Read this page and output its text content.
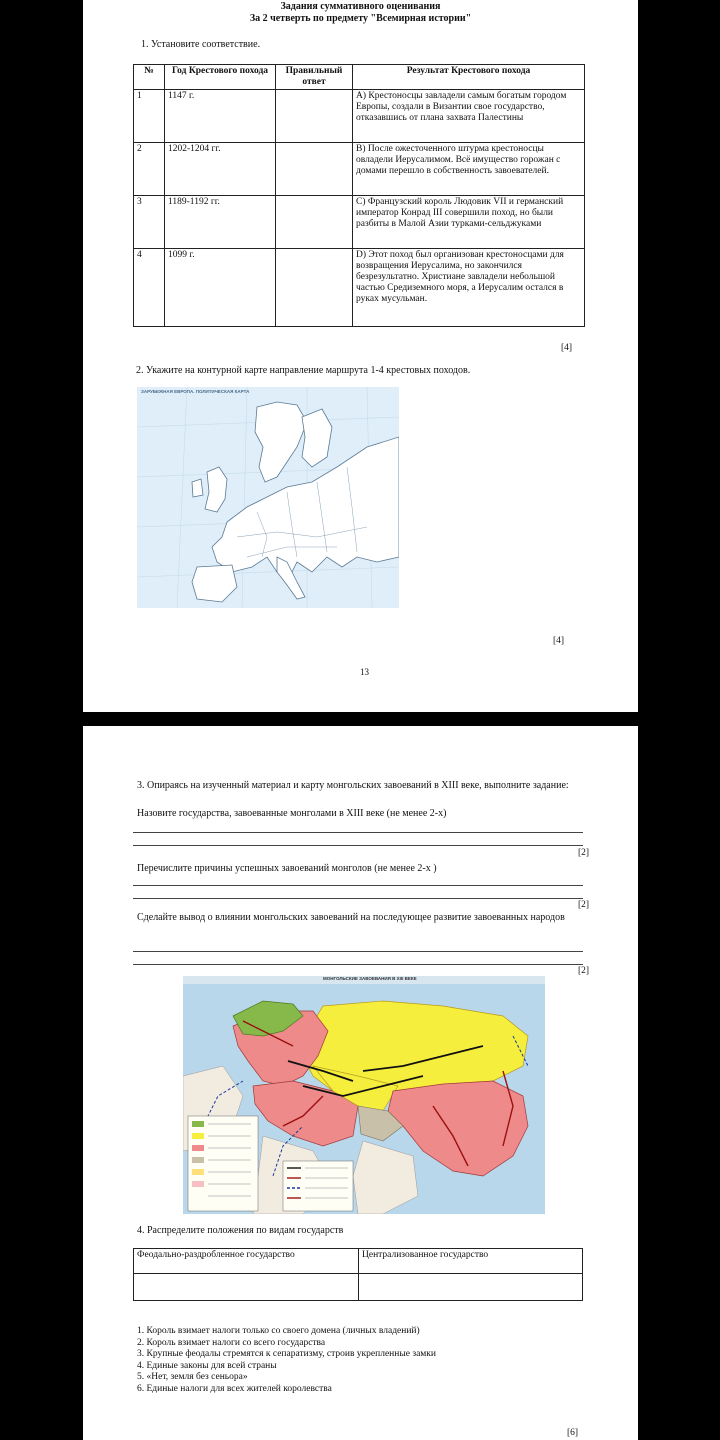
Задания суммативного оценивания
За 2 четверть по предмету "Всемирная истории"
1. Установите соответствие.
№	Год Крестового похода	Правильный ответ	Результат Крестового похода
1	1147 г.		A) Крестоносцы завладели самым богатым городом Европы, создали в Византии свое государство, отказавшись от плана захвата Палестины
2	1202-1204 гг.		B) После ожесточенного штурма крестоносцы овладели Иерусалимом. Всё имущество горожан с домами перешло в собственность завоевателей.
3	1189-1192 гг.		C) Французский король Людовик VII и германский император Конрад III совершили поход, но были разбиты в Малой Азии турками-сельджуками
4	1099 г.		D) Этот поход был организован крестоносцами для возвращения Иерусалима, но закончился безрезультатно. Христиане завладели небольшой частью Средиземного моря, а Иерусалим остался в руках мусульман.
[4]
2. Укажите на контурной карте направление маршрута 1-4 крестовых походов.
ЗАРУБЕЖНАЯ ЕВРОПА. ПОЛИТИЧЕСКАЯ КАРТА
[4]
13
3. Опираясь на изученный материал и карту монгольских завоеваний в XIII веке, выполните задание:
Назовите государства, завоеванные монголами в XIII веке (не менее 2-х)
[2]
Перечислите причины успешных завоеваний монголов (не менее 2-х )
[2]
Сделайте вывод о влиянии монгольских завоеваний на последующее развитие завоеванных народов
[2]
МОНГОЛЬСКИЕ ЗАВОЕВАНИЯ В XIII ВЕКЕ
4. Распределите положения по видам государств
Феодально-раздробленное государство	Централизованное государство

1. Король взимает налоги только со своего домена (личных владений)
2. Король взимает налоги со всего государства
3. Крупные феодалы стремятся к сепаратизму, строив укрепленные замки
4. Единые законы для всей страны
5. «Нет, земля без сеньора»
6. Единые налоги для всех жителей королевства
[6]
